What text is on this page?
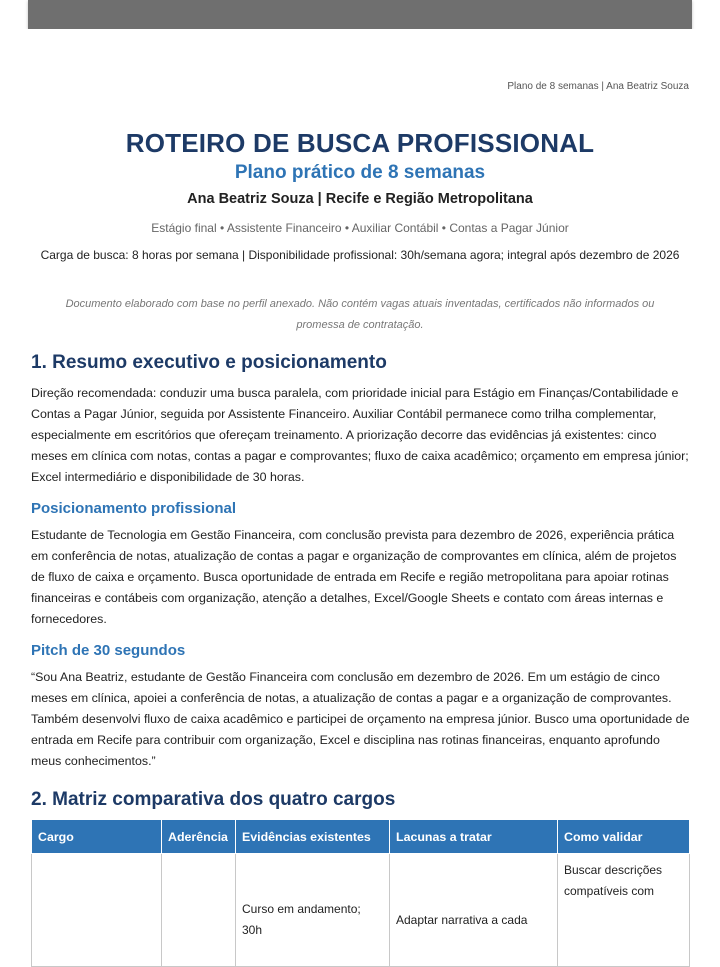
Plano de 8 semanas | Ana Beatriz Souza
ROTEIRO DE BUSCA PROFISSIONAL
Plano prático de 8 semanas
Ana Beatriz Souza | Recife e Região Metropolitana
Estágio final • Assistente Financeiro • Auxiliar Contábil • Contas a Pagar Júnior
Carga de busca: 8 horas por semana | Disponibilidade profissional: 30h/semana agora; integral após dezembro de 2026
Documento elaborado com base no perfil anexado. Não contém vagas atuais inventadas, certificados não informados ou promessa de contratação.
1. Resumo executivo e posicionamento

Direção recomendada: conduzir uma busca paralela, com prioridade inicial para Estágio em Finanças/Contabilidade e Contas a Pagar Júnior, seguida por Assistente Financeiro. Auxiliar Contábil permanece como trilha complementar, especialmente em escritórios que ofereçam treinamento. A priorização decorre das evidências já existentes: cinco meses em clínica com notas, contas a pagar e comprovantes; fluxo de caixa acadêmico; orçamento em empresa júnior; Excel intermediário e disponibilidade de 30 horas.

Posicionamento profissional

Estudante de Tecnologia em Gestão Financeira, com conclusão prevista para dezembro de 2026, experiência prática em conferência de notas, atualização de contas a pagar e organização de comprovantes em clínica, além de projetos de fluxo de caixa e orçamento. Busca oportunidade de entrada em Recife e região metropolitana para apoiar rotinas financeiras e contábeis com organização, atenção a detalhes, Excel/Google Sheets e contato com áreas internas e fornecedores.

Pitch de 30 segundos

“Sou Ana Beatriz, estudante de Gestão Financeira com conclusão em dezembro de 2026. Em um estágio de cinco meses em clínica, apoiei a conferência de notas, a atualização de contas a pagar e a organização de comprovantes. Também desenvolvi fluxo de caixa acadêmico e participei de orçamento na empresa júnior. Busco uma oportunidade de entrada em Recife para contribuir com organização, Excel e disciplina nas rotinas financeiras, enquanto aprofundo meus conhecimentos.”

2. Matriz comparativa dos quatro cargos
Cargo	Aderência	Evidências existentes	Lacunas a tratar	Como validar
		Curso em andamento; 30h	Adaptar narrativa a cada	Buscar descrições compatíveis com
